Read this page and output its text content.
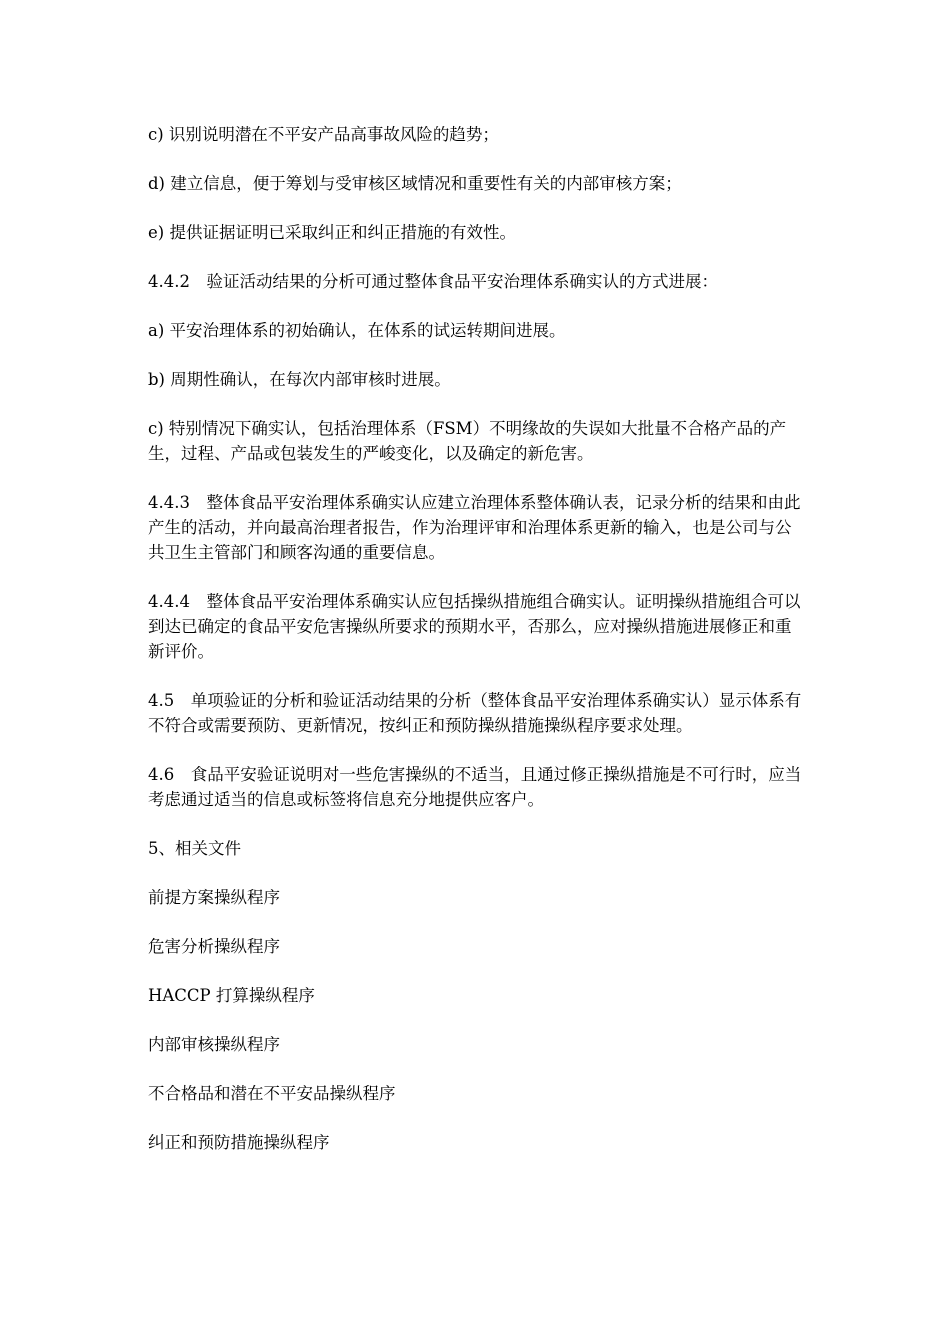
c) 识别说明潜在不平安产品高事故风险的趋势；

d) 建立信息，便于筹划与受审核区域情况和重要性有关的内部审核方案；

e) 提供证据证明已采取纠正和纠正措施的有效性。

4.4.2　验证活动结果的分析可通过整体食品平安治理体系确实认的方式进展：

a) 平安治理体系的初始确认，在体系的试运转期间进展。

b) 周期性确认，在每次内部审核时进展。

c) 特别情况下确实认，包括治理体系（FSM）不明缘故的失误如大批量不合格产品的产生，过程、产品或包装发生的严峻变化，以及确定的新危害。

4.4.3　整体食品平安治理体系确实认应建立治理体系整体确认表，记录分析的结果和由此产生的活动，并向最高治理者报告，作为治理评审和治理体系更新的输入，也是公司与公共卫生主管部门和顾客沟通的重要信息。

4.4.4　整体食品平安治理体系确实认应包括操纵措施组合确实认。证明操纵措施组合可以到达已确定的食品平安危害操纵所要求的预期水平，否那么，应对操纵措施进展修正和重新评价。

4.5　单项验证的分析和验证活动结果的分析（整体食品平安治理体系确实认）显示体系有不符合或需要预防、更新情况，按纠正和预防操纵措施操纵程序要求处理。

4.6　食品平安验证说明对一些危害操纵的不适当，且通过修正操纵措施是不可行时，应当考虑通过适当的信息或标签将信息充分地提供应客户。

5、相关文件

前提方案操纵程序

危害分析操纵程序

HACCP 打算操纵程序

内部审核操纵程序

不合格品和潜在不平安品操纵程序

纠正和预防措施操纵程序
